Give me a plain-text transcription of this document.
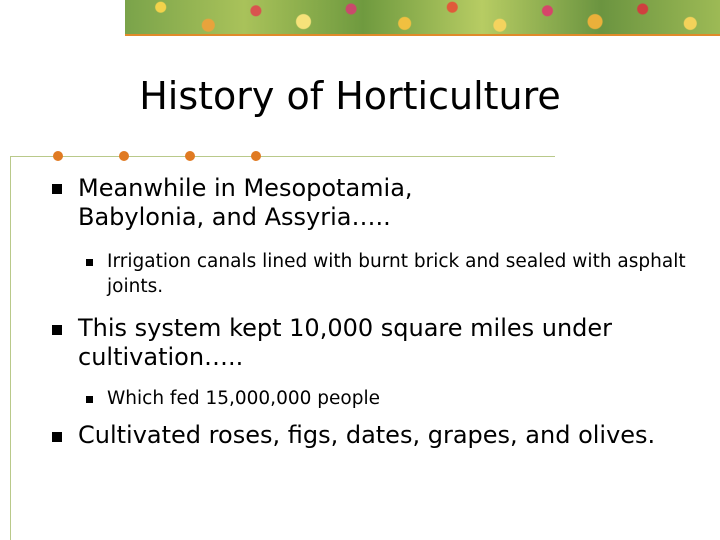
History of Horticulture
Meanwhile in Mesopotamia, Babylonia, and Assyria…..
Irrigation canals lined with burnt brick and sealed with asphalt joints.
This system kept 10,000 square miles under cultivation…..
Which fed 15,000,000 people
Cultivated roses, figs, dates, grapes, and olives.
